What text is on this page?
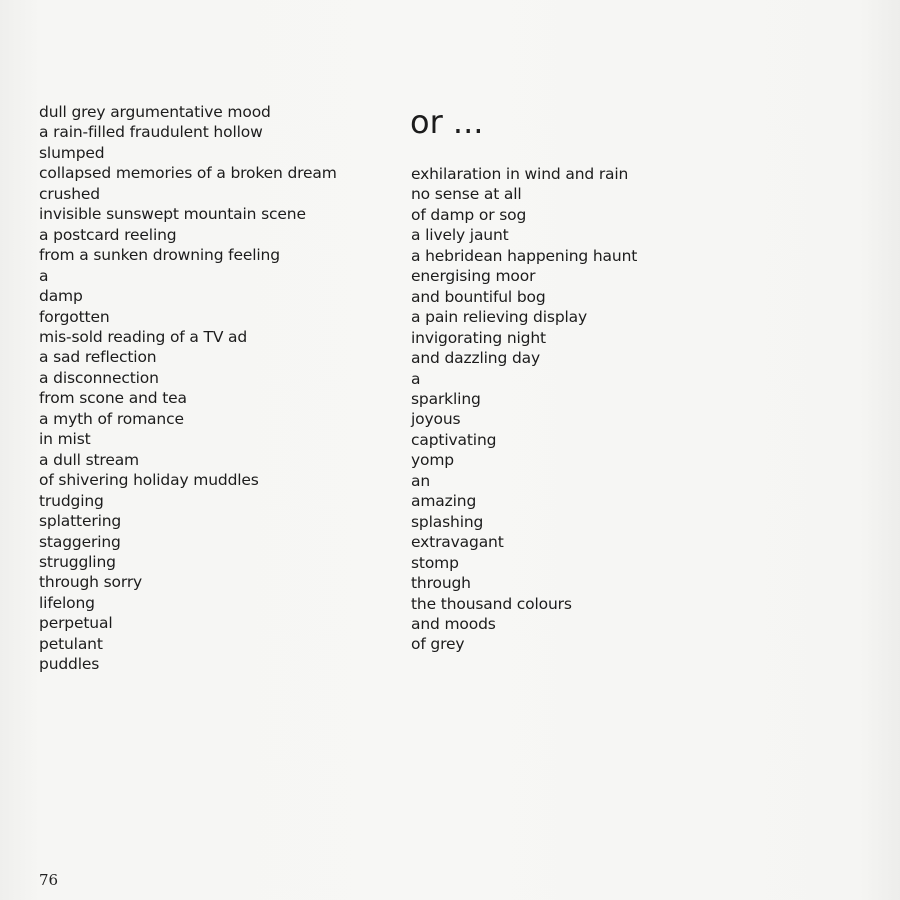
dull grey argumentative mood
a rain-filled fraudulent hollow
slumped
collapsed memories of a broken dream
crushed
invisible sunswept mountain scene
a postcard reeling
from a sunken drowning feeling
a
damp
forgotten
mis-sold reading of a TV ad
a sad reflection
a disconnection
from scone and tea
a myth of romance
in mist
a dull stream
of shivering holiday muddles
trudging
splattering
staggering
struggling
through sorry
lifelong
perpetual
petulant
puddles
or ...
exhilaration in wind and rain
no sense at all
of damp or sog
a lively jaunt
a hebridean happening haunt
energising moor
and bountiful bog
a pain relieving display
invigorating night
and dazzling day
a
sparkling
joyous
captivating
yomp
an
amazing
splashing
extravagant
stomp
through
the thousand colours
and moods
of grey
76
